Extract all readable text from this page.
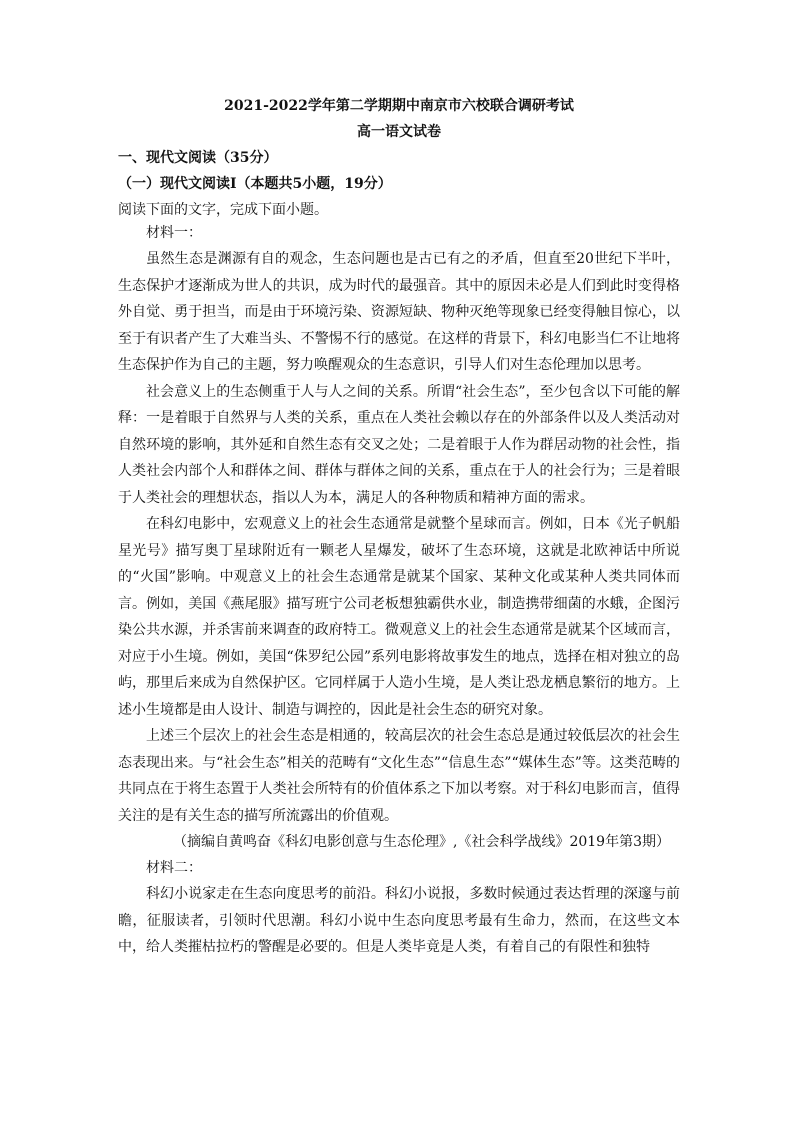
2021-2022学年第二学期期中南京市六校联合调研考试

高一语文试卷

一、现代文阅读（35分）

（一）现代文阅读Ⅰ（本题共5小题，19分）

阅读下面的文字，完成下面小题。

材料一：

虽然生态是渊源有自的观念，生态问题也是古已有之的矛盾，但直至20世纪下半叶，生态保护才逐渐成为世人的共识，成为时代的最强音。其中的原因未必是人们到此时变得格外自觉、勇于担当，而是由于环境污染、资源短缺、物种灭绝等现象已经变得触目惊心，以至于有识者产生了大难当头、不警惕不行的感觉。在这样的背景下，科幻电影当仁不让地将生态保护作为自己的主题，努力唤醒观众的生态意识，引导人们对生态伦理加以思考。

社会意义上的生态侧重于人与人之间的关系。所谓“社会生态”，至少包含以下可能的解释：一是着眼于自然界与人类的关系，重点在人类社会赖以存在的外部条件以及人类活动对自然环境的影响，其外延和自然生态有交叉之处；二是着眼于人作为群居动物的社会性，指人类社会内部个人和群体之间、群体与群体之间的关系，重点在于人的社会行为；三是着眼于人类社会的理想状态，指以人为本，满足人的各种物质和精神方面的需求。

在科幻电影中，宏观意义上的社会生态通常是就整个星球而言。例如，日本《光子帆船星光号》描写奥丁星球附近有一颗老人星爆发，破坏了生态环境，这就是北欧神话中所说的“火国”影响。中观意义上的社会生态通常是就某个国家、某种文化或某种人类共同体而言。例如，美国《燕尾服》描写班宁公司老板想独霸供水业，制造携带细菌的水蛾，企图污染公共水源，并杀害前来调查的政府特工。微观意义上的社会生态通常是就某个区域而言，对应于小生境。例如，美国“侏罗纪公园”系列电影将故事发生的地点，选择在相对独立的岛屿，那里后来成为自然保护区。它同样属于人造小生境，是人类让恐龙栖息繁衍的地方。上述小生境都是由人设计、制造与调控的，因此是社会生态的研究对象。

上述三个层次上的社会生态是相通的，较高层次的社会生态总是通过较低层次的社会生态表现出来。与“社会生态”相关的范畴有“文化生态”“信息生态”“媒体生态”等。这类范畴的共同点在于将生态置于人类社会所特有的价值体系之下加以考察。对于科幻电影而言，值得关注的是有关生态的描写所流露出的价值观。

（摘编自黄鸣奋《科幻电影创意与生态伦理》,《社会科学战线》2019年第3期）

材料二：

科幻小说家走在生态向度思考的前沿。科幻小说报，多数时候通过表达哲理的深邃与前瞻，征服读者，引领时代思潮。科幻小说中生态向度思考最有生命力，然而，在这些文本中，给人类摧枯拉朽的警醒是必要的。但是人类毕竟是人类，有着自己的有限性和独特
